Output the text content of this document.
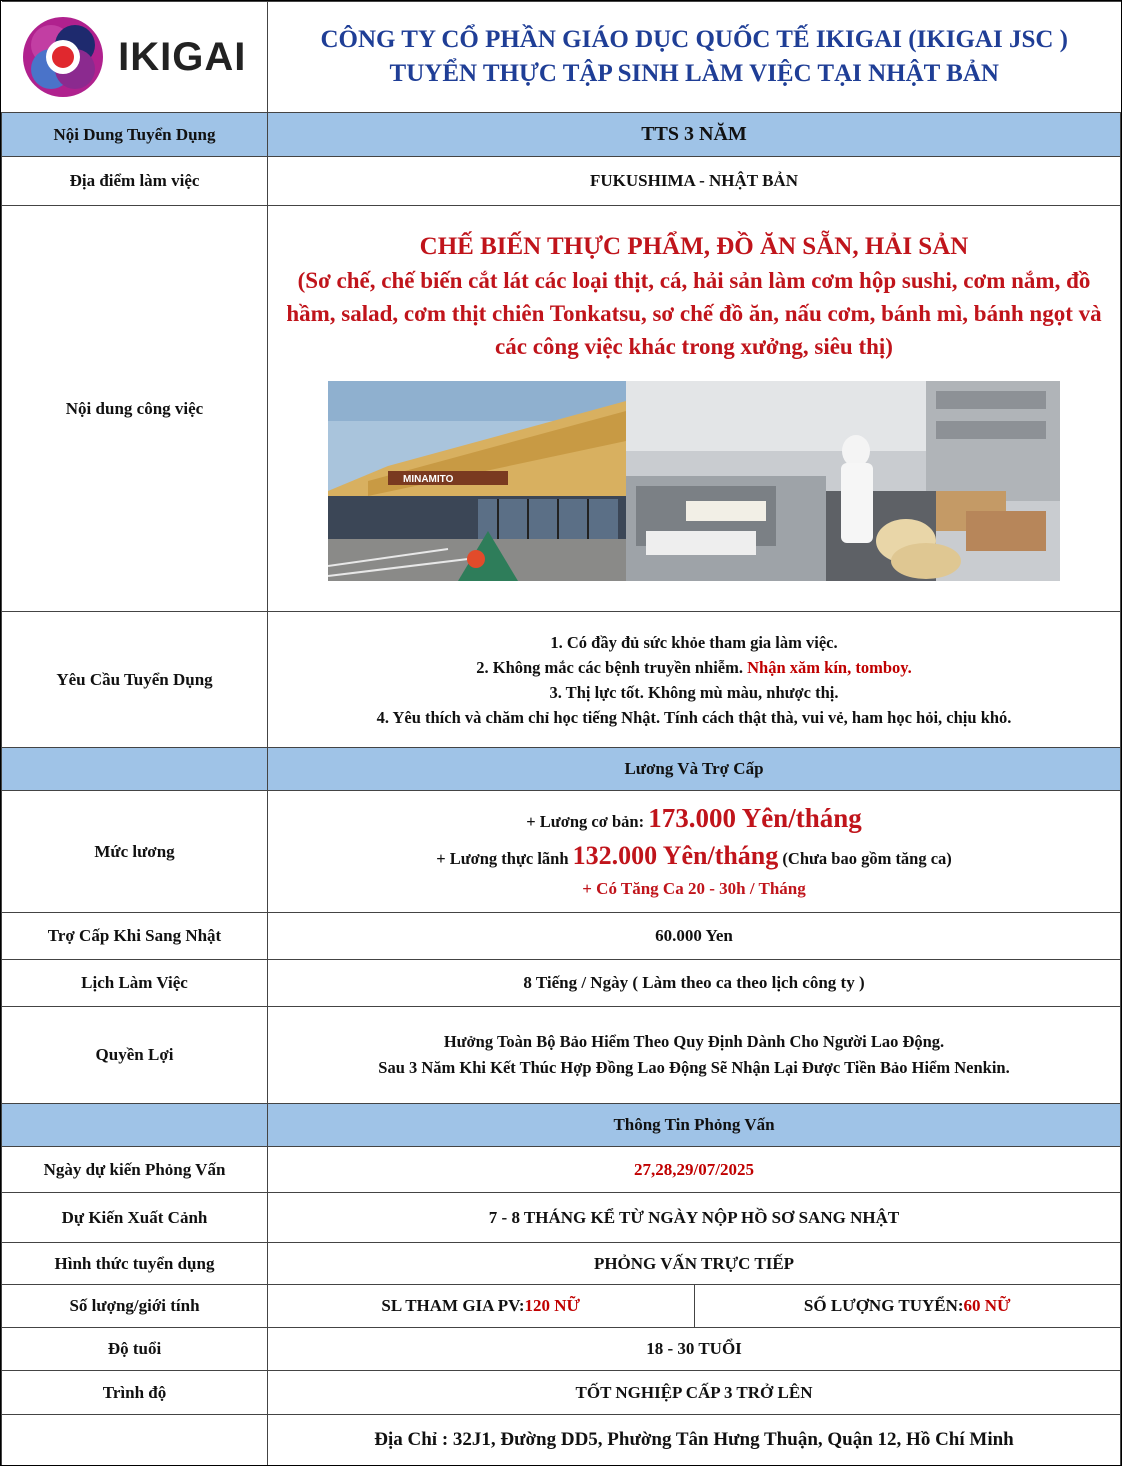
IKIGAI	CÔNG TY CỔ PHẦN GIÁO DỤC QUỐC TẾ IKIGAI (IKIGAI JSC )
TUYỂN THỰC TẬP SINH LÀM VIỆC TẠI NHẬT BẢN

Nội Dung Tuyển Dụng	TTS 3 NĂM
Địa điểm làm việc	FUKUSHIMA - NHẬT BẢN
Nội dung công việc	CHẾ BIẾN THỰC PHẨM, ĐỒ ĂN SẴN, HẢI SẢN
(Sơ chế, chế biến cắt lát các loại thịt, cá, hải sản làm cơm hộp sushi, cơm nắm, đồ hầm, salad, cơm thịt chiên Tonkatsu, sơ chế đồ ăn, nấu cơm, bánh mì, bánh ngọt và các công việc khác trong xưởng, siêu thị)
MINAMITO

Yêu Cầu Tuyển Dụng	1. Có đầy đủ sức khỏe tham gia làm việc.
2. Không mắc các bệnh truyền nhiễm. Nhận xăm kín, tomboy.
3. Thị lực tốt. Không mù màu, nhược thị.
4. Yêu thích và chăm chỉ học tiếng Nhật. Tính cách thật thà, vui vẻ, ham học hỏi, chịu khó.

	Lương Và Trợ Cấp
Mức lương	+ Lương cơ bản: 173.000 Yên/tháng
+ Lương thực lãnh 132.000 Yên/tháng (Chưa bao gồm tăng ca)
+ Có Tăng Ca 20 - 30h / Tháng

Trợ Cấp Khi Sang Nhật	60.000 Yen
Lịch Làm Việc	8 Tiếng / Ngày ( Làm theo ca theo lịch công ty )
Quyền Lợi	Hưởng Toàn Bộ Bảo Hiểm Theo Quy Định Dành Cho Người Lao Động.
Sau 3 Năm Khi Kết Thúc Hợp Đồng Lao Động Sẽ Nhận Lại Được Tiền Bảo Hiểm Nenkin.

	Thông Tin Phỏng Vấn
Ngày dự kiến Phỏng Vấn	27,28,29/07/2025
Dự Kiến Xuất Cảnh	7 - 8 THÁNG KỂ TỪ NGÀY NỘP HỒ SƠ SANG NHẬT
Hình thức tuyển dụng	PHỎNG VẤN TRỰC TIẾP
Số lượng/giới tính	SL THAM GIA PV: 120 NỮ SỐ LƯỢNG TUYỂN: 60 NỮ

Độ tuổi	18 - 30 TUỔI
Trình độ	TỐT NGHIỆP CẤP 3 TRỞ LÊN
	Địa Chỉ : 32J1, Đường DD5, Phường Tân Hưng Thuận, Quận 12, Hồ Chí Minh
